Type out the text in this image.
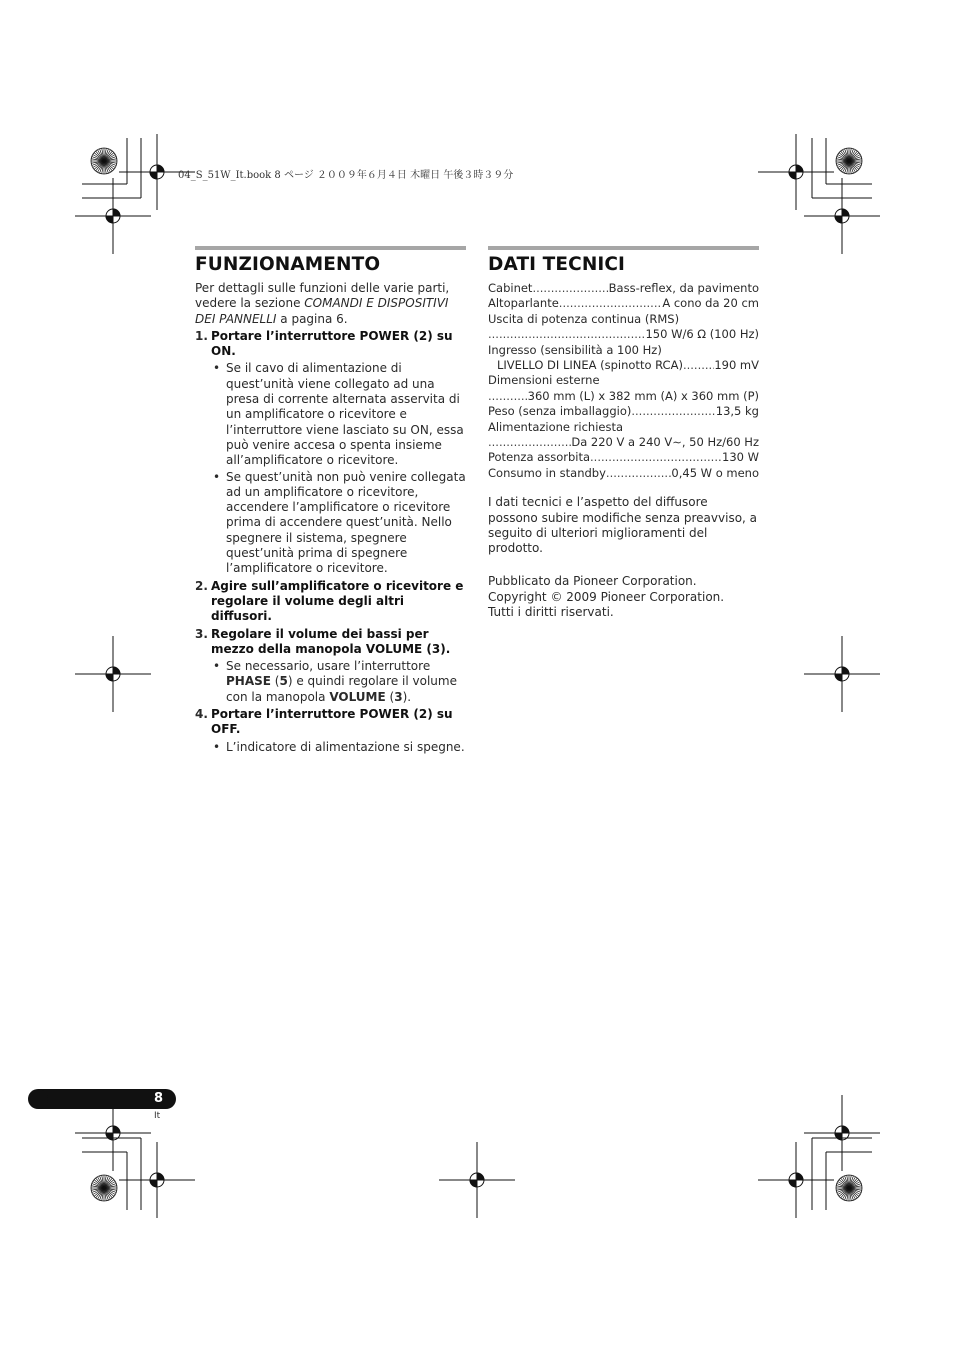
04_S_51W_It.book 8 ページ ２００９年６月４日 木曜日 午後３時３９分
FUNZIONAMENTO

Per dettagli sulle funzioni delle varie parti, vedere la sezione COMANDI E DISPOSITIVI DEI PANNELLI a pagina 6.

1. Portare l’interruttore POWER (2) su ON.
• Se il cavo di alimentazione di quest’unità viene collegato ad una presa di corrente alternata asservita di un amplificatore o ricevitore e l’interruttore viene lasciato su ON, essa può venire accesa o spenta insieme all’amplificatore o ricevitore.
• Se quest’unità non può venire collegata ad un amplificatore o ricevitore, accendere l’amplificatore o ricevitore prima di accendere quest’unità. Nello spegnere il sistema, spegnere quest’unità prima di spegnere l’amplificatore o ricevitore.
2. Agire sull’amplificatore o ricevitore e regolare il volume degli altri diffusori.
3. Regolare il volume dei bassi per mezzo della manopola VOLUME (3).
• Se necessario, usare l’interruttore PHASE (5) e quindi regolare il volume con la manopola VOLUME (3).
4. Portare l’interruttore POWER (2) su OFF.
• L’indicatore di alimentazione si spegne.
DATI TECNICI
Cabinet .....	Bass-reflex, da pavimento
Altoparlante .....	A cono da 20 cm
Uscita di potenza continua (RMS)
.....
150 W/6 Ω (100 Hz)
Ingresso (sensibilità a 100 Hz)
LIVELLO DI LINEA (spinotto RCA) .....	190 mV
Dimensioni esterne
.....
360 mm (L) x 382 mm (A) x 360 mm (P)
Peso (senza imballaggio) .....	13,5 kg
Alimentazione richiesta
.....
Da 220 V a 240 V∼, 50 Hz/60 Hz
Potenza assorbita .....	130 W
Consumo in standby .....	0,45 W o meno

I dati tecnici e l’aspetto del diffusore possono subire modifiche senza preavviso, a seguito di ulteriori miglioramenti del prodotto.

Pubblicato da Pioneer Corporation.
Copyright © 2009 Pioneer Corporation.
Tutti i diritti riservati.
8
It
